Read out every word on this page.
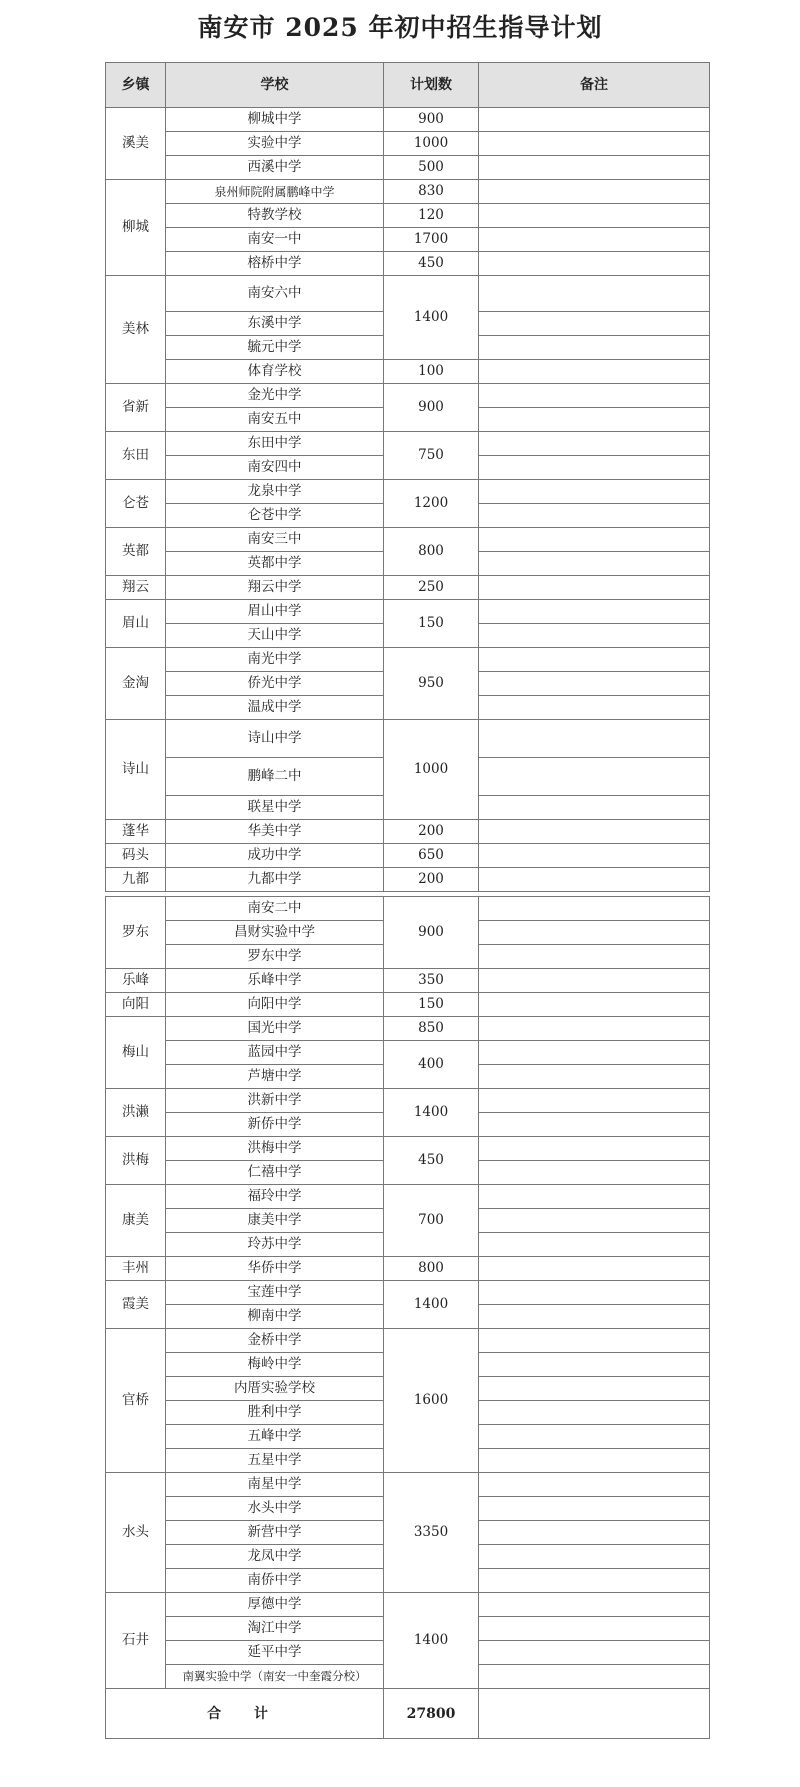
南安市 2025 年初中招生指导计划
乡镇	学校	计划数	备注
溪美	柳城中学	900	
	实验中学	1000	
	西溪中学	500	
柳城	泉州师院附属鹏峰中学	830	
	特教学校	120	
	南安一中	1700	
	榕桥中学	450	
美林	南安六中	1400	
	东溪中学		
	毓元中学		
	体育学校	100	
省新	金光中学	900	
	南安五中		
东田	东田中学	750	
	南安四中		
仑苍	龙泉中学	1200	
	仑苍中学		
英都	南安三中	800	
	英都中学		
翔云	翔云中学	250	
眉山	眉山中学	150	
	天山中学		
金淘	南光中学	950	
	侨光中学		
	温成中学		
诗山	诗山中学	1000	
	鹏峰二中		
	联星中学		
蓬华	华美中学	200	
码头	成功中学	650	
九都	九都中学	200	
罗东	南安二中	900	
	昌财实验中学		
	罗东中学		
乐峰	乐峰中学	350	
向阳	向阳中学	150	
梅山	国光中学	850	
	蓝园中学	400	
	芦塘中学		
洪濑	洪新中学	1400	
	新侨中学		
洪梅	洪梅中学	450	
	仁禧中学		
康美	福玲中学	700	
	康美中学		
	玲苏中学		
丰州	华侨中学	800	
霞美	宝莲中学	1400	
	柳南中学		
官桥	金桥中学	1600	
	梅岭中学		
	内厝实验学校		
	胜利中学		
	五峰中学		
	五星中学		
水头	南星中学	3350	
	水头中学		
	新营中学		
	龙凤中学		
	南侨中学		
石井	厚德中学	1400	
	淘江中学		
	延平中学		
	南翼实验中学（南安一中奎霞分校）		
合 计		27800	
